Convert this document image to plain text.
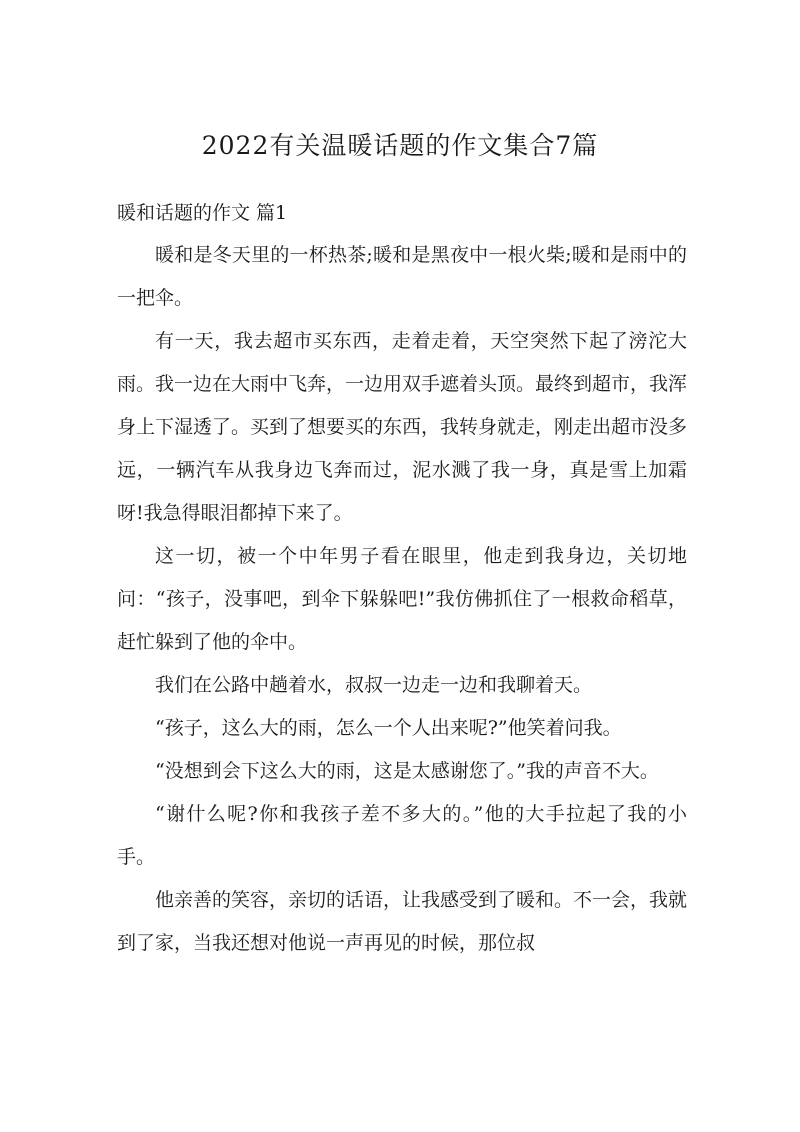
2022有关温暖话题的作文集合7篇
暖和话题的作文 篇1

暖和是冬天里的一杯热茶;暖和是黑夜中一根火柴;暖和是雨中的一把伞。

有一天，我去超市买东西，走着走着，天空突然下起了滂沱大雨。我一边在大雨中飞奔，一边用双手遮着头顶。最终到超市，我浑身上下湿透了。买到了想要买的东西，我转身就走，刚走出超市没多远，一辆汽车从我身边飞奔而过，泥水溅了我一身，真是雪上加霜呀!我急得眼泪都掉下来了。

这一切，被一个中年男子看在眼里，他走到我身边，关切地问：“孩子，没事吧，到伞下躲躲吧!”我仿佛抓住了一根救命稻草，赶忙躲到了他的伞中。

我们在公路中趟着水，叔叔一边走一边和我聊着天。

“孩子，这么大的雨，怎么一个人出来呢?”他笑着问我。

“没想到会下这么大的雨，这是太感谢您了。”我的声音不大。

“谢什么呢?你和我孩子差不多大的。”他的大手拉起了我的小手。

他亲善的笑容，亲切的话语，让我感受到了暖和。不一会，我就到了家，当我还想对他说一声再见的时候，那位叔
